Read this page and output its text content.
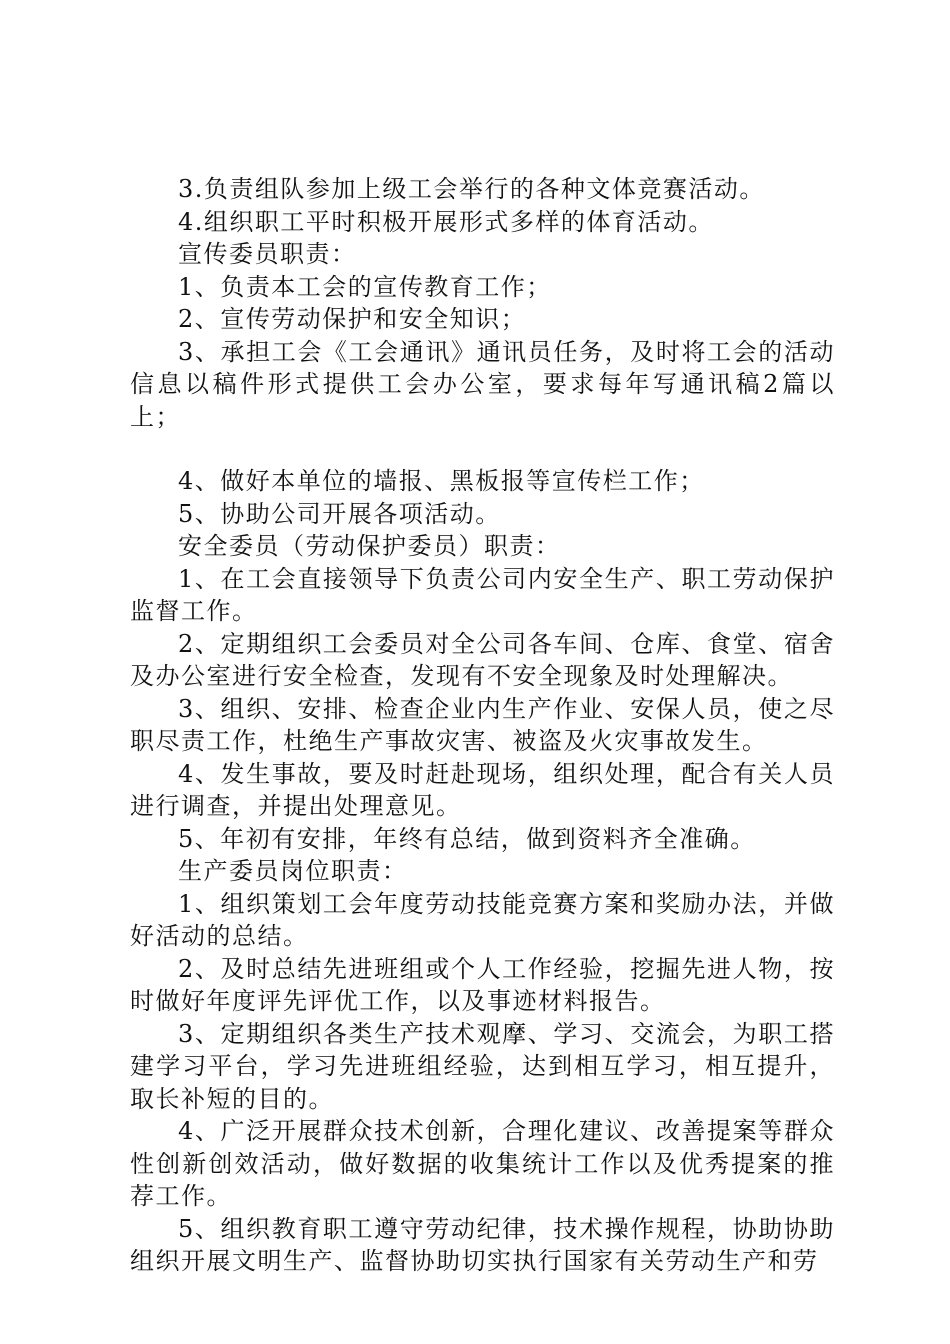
3.负责组队参加上级工会举行的各种文体竞赛活动。

4.组织职工平时积极开展形式多样的体育活动。

宣传委员职责：

1、负责本工会的宣传教育工作；

2、宣传劳动保护和安全知识；

3、承担工会《工会通讯》通讯员任务，及时将工会的活动信息以稿件形式提供工会办公室，要求每年写通讯稿2篇以上；

4、做好本单位的墙报、黑板报等宣传栏工作；

5、协助公司开展各项活动。

安全委员（劳动保护委员）职责：

1、在工会直接领导下负责公司内安全生产、职工劳动保护监督工作。

2、定期组织工会委员对全公司各车间、仓库、食堂、宿舍及办公室进行安全检查，发现有不安全现象及时处理解决。

3、组织、安排、检查企业内生产作业、安保人员，使之尽职尽责工作，杜绝生产事故灾害、被盗及火灾事故发生。

4、发生事故，要及时赶赴现场，组织处理，配合有关人员进行调查，并提出处理意见。

5、年初有安排，年终有总结，做到资料齐全准确。

生产委员岗位职责：

1、组织策划工会年度劳动技能竞赛方案和奖励办法，并做好活动的总结。

2、及时总结先进班组或个人工作经验，挖掘先进人物，按时做好年度评先评优工作，以及事迹材料报告。

3、定期组织各类生产技术观摩、学习、交流会，为职工搭建学习平台，学习先进班组经验，达到相互学习，相互提升，取长补短的目的。

4、广泛开展群众技术创新，合理化建议、改善提案等群众性创新创效活动，做好数据的收集统计工作以及优秀提案的推荐工作。

5、组织教育职工遵守劳动纪律，技术操作规程，协助协助组织开展文明生产、监督协助切实执行国家有关劳动生产和劳
